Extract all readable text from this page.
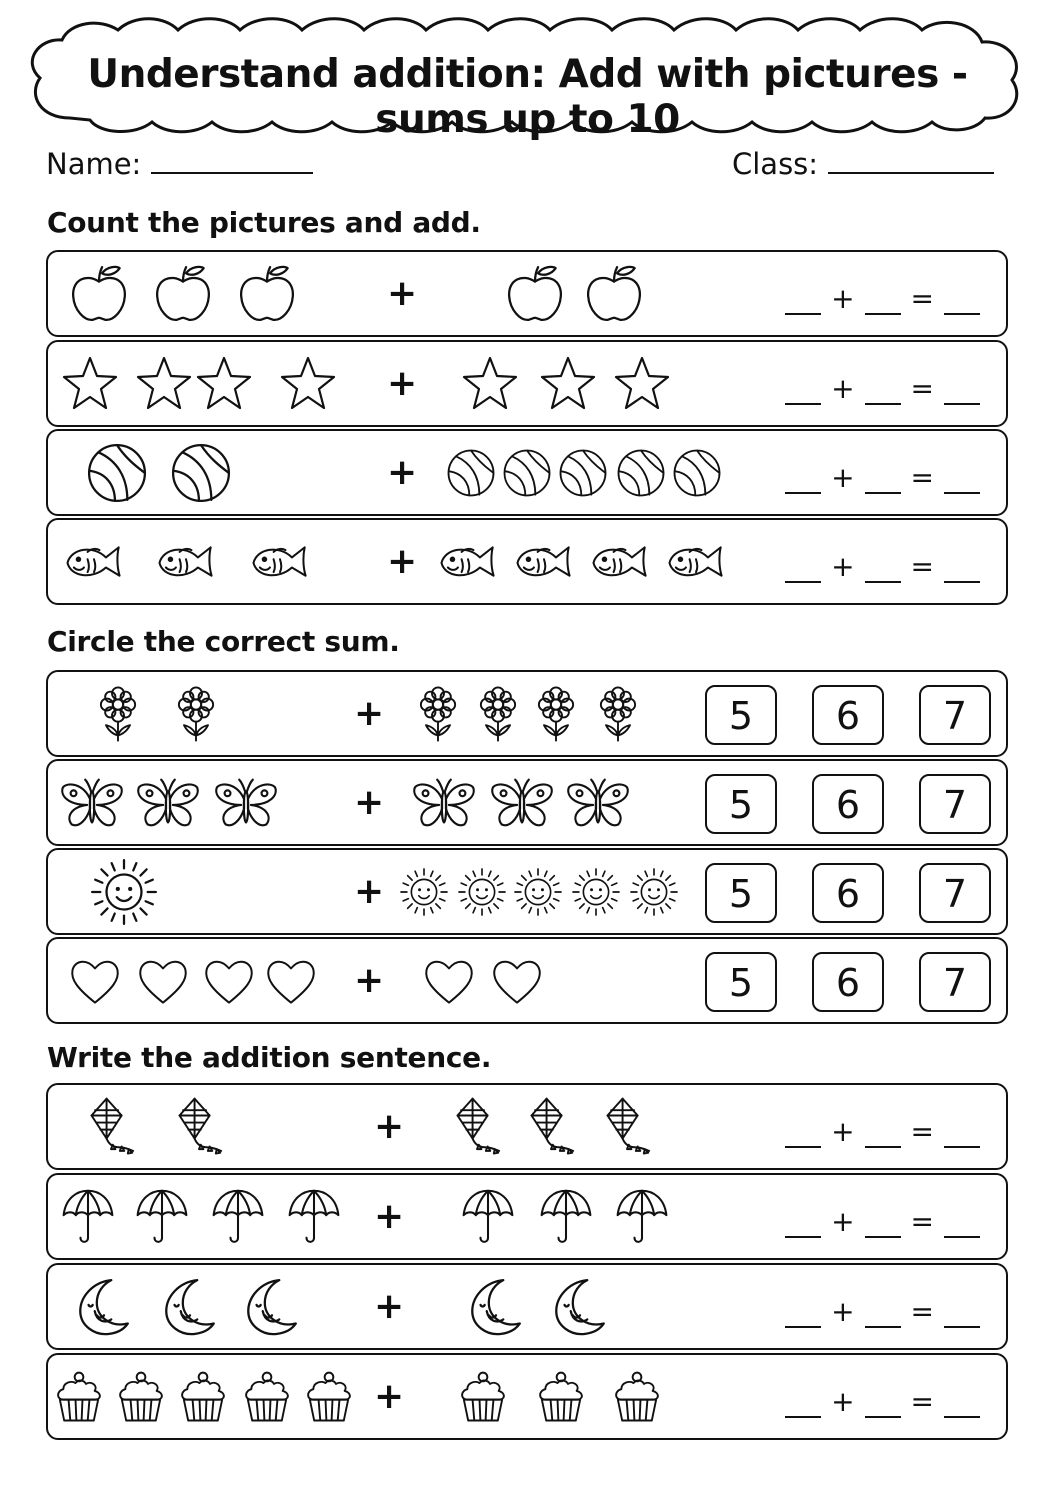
Understand addition: Add with pictures - sums up to 10
Name:	Class:
Count the pictures and add.
Circle the correct sum.
Write the addition sentence.
+	+ =
+	+ =
+	+ =
+	+ =
+	5	6	7
+	5	6	7
+	5	6	7
+	5	6	7
+	+ =
+	+ =
+	+ =
+	+ =
